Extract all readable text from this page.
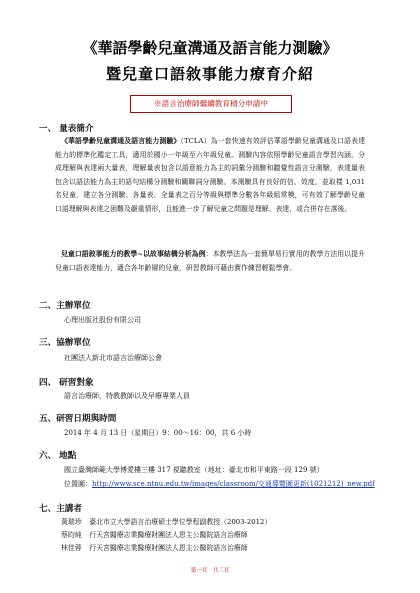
《華語學齡兒童溝通及語言能力測驗》
暨兒童口語敘事能力療育介紹
※語言治療師繼續教育積分申請中
一、 量表簡介
《華語學齡兒童溝通及語言能力測驗》（TCLA）為一套快速有效評估華語學齡兒童溝通及口語表達能力的標準化鑑定工具，適用於國小一年級至六年級兒童。測驗內容依照學齡兒童語言學習內涵，分成理解與表達兩大量表，理解量表包含以語意能力為主的詞彙分測驗和聽覺性語言分測驗，表達量表包含以語法能力為主的語句結構分測驗和關聯詞分測驗。本測驗具有良好的信、效度，並取樣 1,031 名兒童，建立各分測驗、各量表、全量表之百分等級與標準分數各年級組常模，可有效了解學齡兒童口語理解與表達之困難及嚴重情形，且能進一步了解兒童之問題是理解、表達，或合併存在落後。
兒童口語敘事能力的教學~以故事結構分析為例：本教學法為一套簡單易行實用的教學方法用以提升兒童口語表達能力，適合各年齡層的兒童，研習教師可藉由實作練習輕鬆學會。
二、主辦單位
心理出版社股份有限公司
三、協辦單位
社團法人新北市語言治療師公會
四、 研習對象
語言治療師，特教教師以及早療專業人員
五、研習日期與時間
2014 年 4 月 13 日（星期日）9：00～16：00，共 6 小時
六、 地點
國立臺灣師範大學博愛樓三樓 317 視聽教室（地址：臺北市和平東路一段 129 號）
位置圖：http://www.sce.ntnu.edu.tw/images/classroom/交通導覽圖更新(1021212)_new.pdf
七、主講者
黃瑞珍 臺北市立大學語言治療碩士學位學程副教授（2003-2012）
蔡昀純 行天宮醫療志業醫療財團法人恩主公醫院語言治療師
林佳蓉 行天宮醫療志業醫療財團法人恩主公醫院語言治療師
第一頁　共三頁
